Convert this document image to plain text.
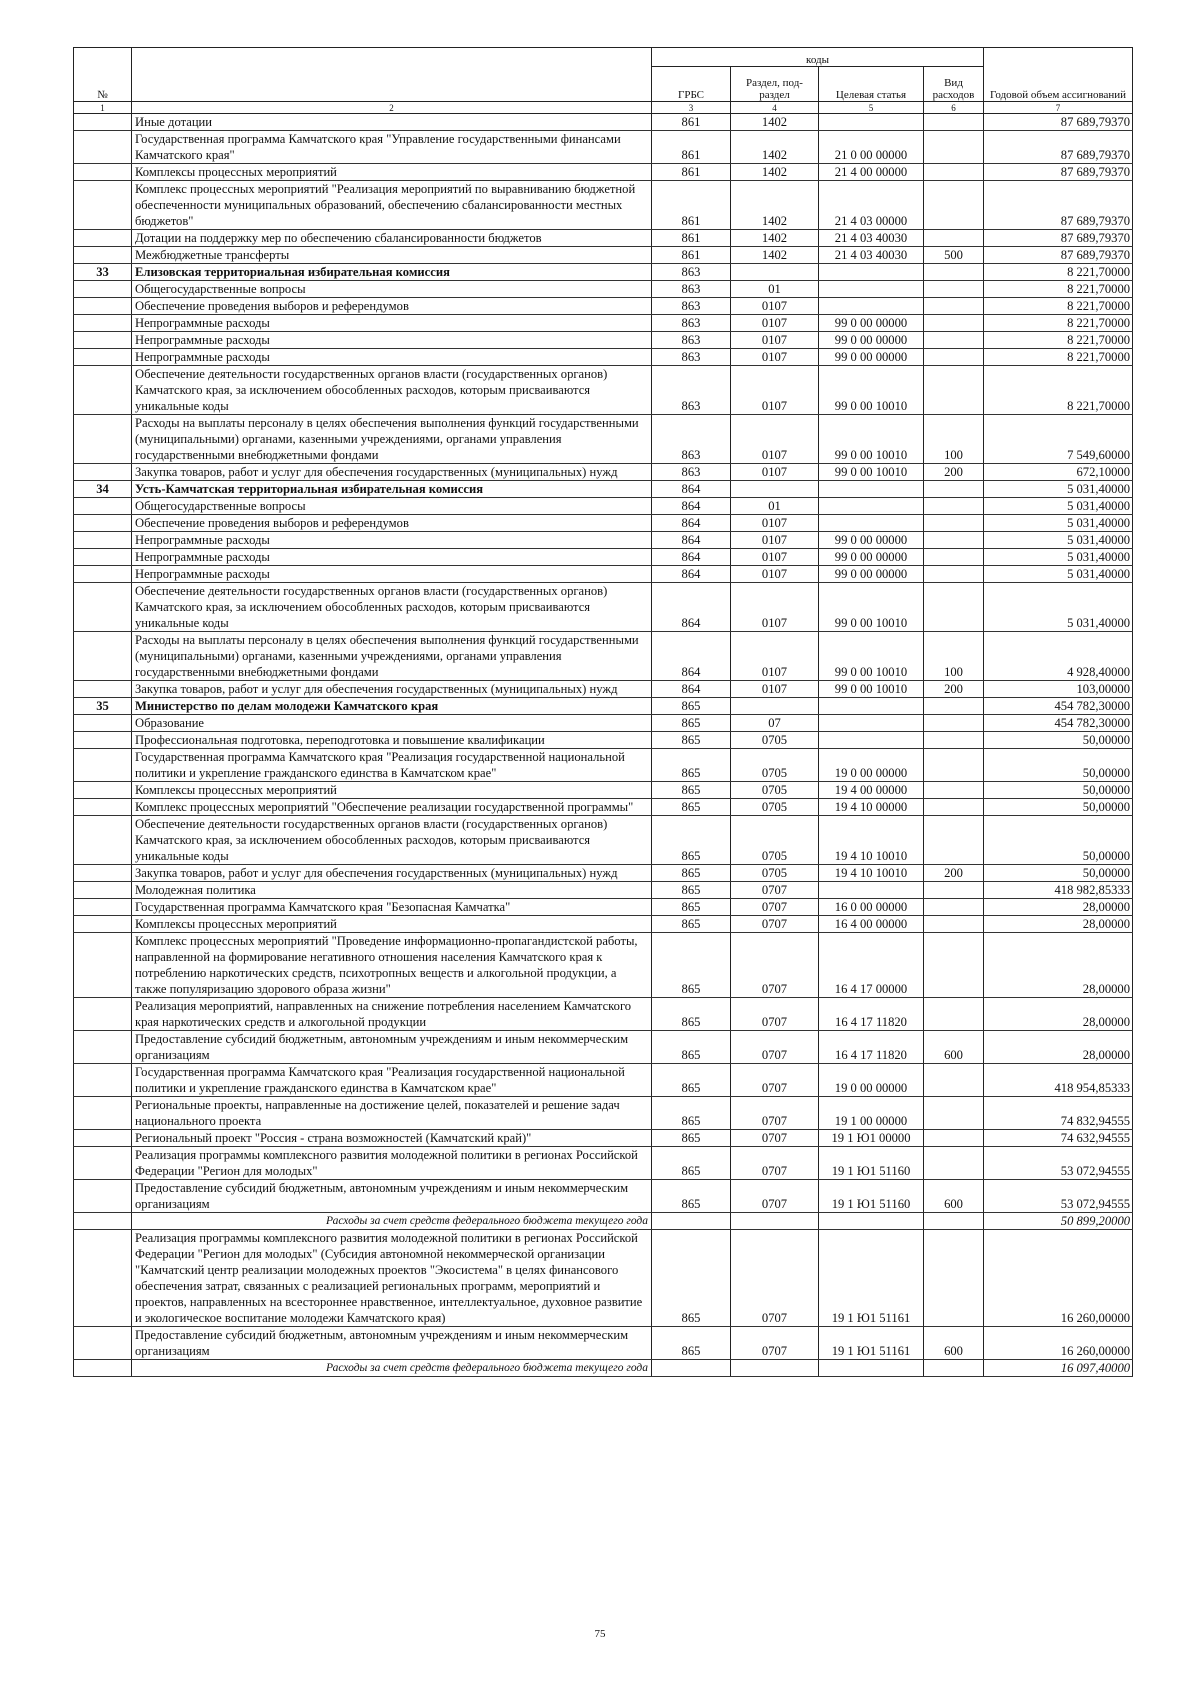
№		коды				Годовой объем ассигнований
		ГРБС	Раздел, под-раздел	Целевая статья	Вид расходов	
1	2	3	4	5	6	7
	Иные дотации	861	1402			87 689,79370
	Государственная программа Камчатского края "Управление государственными финансами Камчатского края"	861	1402	21 0 00 00000		87 689,79370
	Комплексы процессных мероприятий	861	1402	21 4 00 00000		87 689,79370
	Комплекс процессных мероприятий "Реализация мероприятий по выравниванию бюджетной обеспеченности муниципальных образований, обеспечению сбалансированности местных бюджетов"	861	1402	21 4 03 00000		87 689,79370
	Дотации на поддержку мер по обеспечению сбалансированности бюджетов	861	1402	21 4 03 40030		87 689,79370
	Межбюджетные трансферты	861	1402	21 4 03 40030	500	87 689,79370
33	Елизовская территориальная избирательная комиссия	863				8 221,70000
	Общегосударственные вопросы	863	01			8 221,70000
	Обеспечение проведения выборов и референдумов	863	0107			8 221,70000
	Непрограммные расходы	863	0107	99 0 00 00000		8 221,70000
	Непрограммные расходы	863	0107	99 0 00 00000		8 221,70000
	Непрограммные расходы	863	0107	99 0 00 00000		8 221,70000
	Обеспечение деятельности государственных органов власти (государственных органов) Камчатского края, за исключением обособленных расходов, которым присваиваются уникальные коды	863	0107	99 0 00 10010		8 221,70000
	Расходы на выплаты персоналу в целях обеспечения выполнения функций государственными (муниципальными) органами, казенными учреждениями, органами управления государственными внебюджетными фондами	863	0107	99 0 00 10010	100	7 549,60000
	Закупка товаров, работ и услуг для обеспечения государственных (муниципальных) нужд	863	0107	99 0 00 10010	200	672,10000
34	Усть-Камчатская территориальная избирательная комиссия	864				5 031,40000
	Общегосударственные вопросы	864	01			5 031,40000
	Обеспечение проведения выборов и референдумов	864	0107			5 031,40000
	Непрограммные расходы	864	0107	99 0 00 00000		5 031,40000
	Непрограммные расходы	864	0107	99 0 00 00000		5 031,40000
	Непрограммные расходы	864	0107	99 0 00 00000		5 031,40000
	Обеспечение деятельности государственных органов власти (государственных органов) Камчатского края, за исключением обособленных расходов, которым присваиваются уникальные коды	864	0107	99 0 00 10010		5 031,40000
	Расходы на выплаты персоналу в целях обеспечения выполнения функций государственными (муниципальными) органами, казенными учреждениями, органами управления государственными внебюджетными фондами	864	0107	99 0 00 10010	100	4 928,40000
	Закупка товаров, работ и услуг для обеспечения государственных (муниципальных) нужд	864	0107	99 0 00 10010	200	103,00000
35	Министерство по делам молодежи Камчатского края	865				454 782,30000
	Образование	865	07			454 782,30000
	Профессиональная подготовка, переподготовка и повышение квалификации	865	0705			50,00000
	Государственная программа Камчатского края "Реализация государственной национальной политики и укрепление гражданского единства в Камчатском крае"	865	0705	19 0 00 00000		50,00000
	Комплексы процессных мероприятий	865	0705	19 4 00 00000		50,00000
	Комплекс процессных мероприятий "Обеспечение реализации государственной программы"	865	0705	19 4 10 00000		50,00000
	Обеспечение деятельности государственных органов власти (государственных органов) Камчатского края, за исключением обособленных расходов, которым присваиваются уникальные коды	865	0705	19 4 10 10010		50,00000
	Закупка товаров, работ и услуг для обеспечения государственных (муниципальных) нужд	865	0705	19 4 10 10010	200	50,00000
	Молодежная политика	865	0707			418 982,85333
	Государственная программа Камчатского края "Безопасная Камчатка"	865	0707	16 0 00 00000		28,00000
	Комплексы процессных мероприятий	865	0707	16 4 00 00000		28,00000
	Комплекс процессных мероприятий "Проведение информационно-пропагандистской работы, направленной на формирование негативного отношения населения Камчатского края к потреблению наркотических средств, психотропных веществ и алкогольной продукции, а также популяризацию здорового образа жизни"	865	0707	16 4 17 00000		28,00000
	Реализация мероприятий, направленных на снижение потребления населением Камчатского края наркотических средств и алкогольной продукции	865	0707	16 4 17 11820		28,00000
	Предоставление субсидий бюджетным, автономным учреждениям и иным некоммерческим организациям	865	0707	16 4 17 11820	600	28,00000
	Государственная программа Камчатского края "Реализация государственной национальной политики и укрепление гражданского единства в Камчатском крае"	865	0707	19 0 00 00000		418 954,85333
	Региональные проекты, направленные на достижение целей, показателей и решение задач национального проекта	865	0707	19 1 00 00000		74 832,94555
	Региональный проект "Россия - страна возможностей (Камчатский край)"	865	0707	19 1 Ю1 00000		74 632,94555
	Реализация программы комплексного развития молодежной политики в регионах Российской Федерации "Регион для молодых"	865	0707	19 1 Ю1 51160		53 072,94555
	Предоставление субсидий бюджетным, автономным учреждениям и иным некоммерческим организациям	865	0707	19 1 Ю1 51160	600	53 072,94555
	Расходы за счет средств федерального бюджета текущего года					50 899,20000
	Реализация программы комплексного развития молодежной политики в регионах Российской Федерации "Регион для молодых" (Субсидия автономной некоммерческой организации "Камчатский центр реализации молодежных проектов "Экосистема" в целях финансового обеспечения затрат, связанных с реализацией региональных программ, мероприятий и проектов, направленных на всестороннее нравственное, интеллектуальное, духовное развитие и экологическое воспитание молодежи Камчатского края)	865	0707	19 1 Ю1 51161		16 260,00000
	Предоставление субсидий бюджетным, автономным учреждениям и иным некоммерческим организациям	865	0707	19 1 Ю1 51161	600	16 260,00000
	Расходы за счет средств федерального бюджета текущего года					16 097,40000
75
